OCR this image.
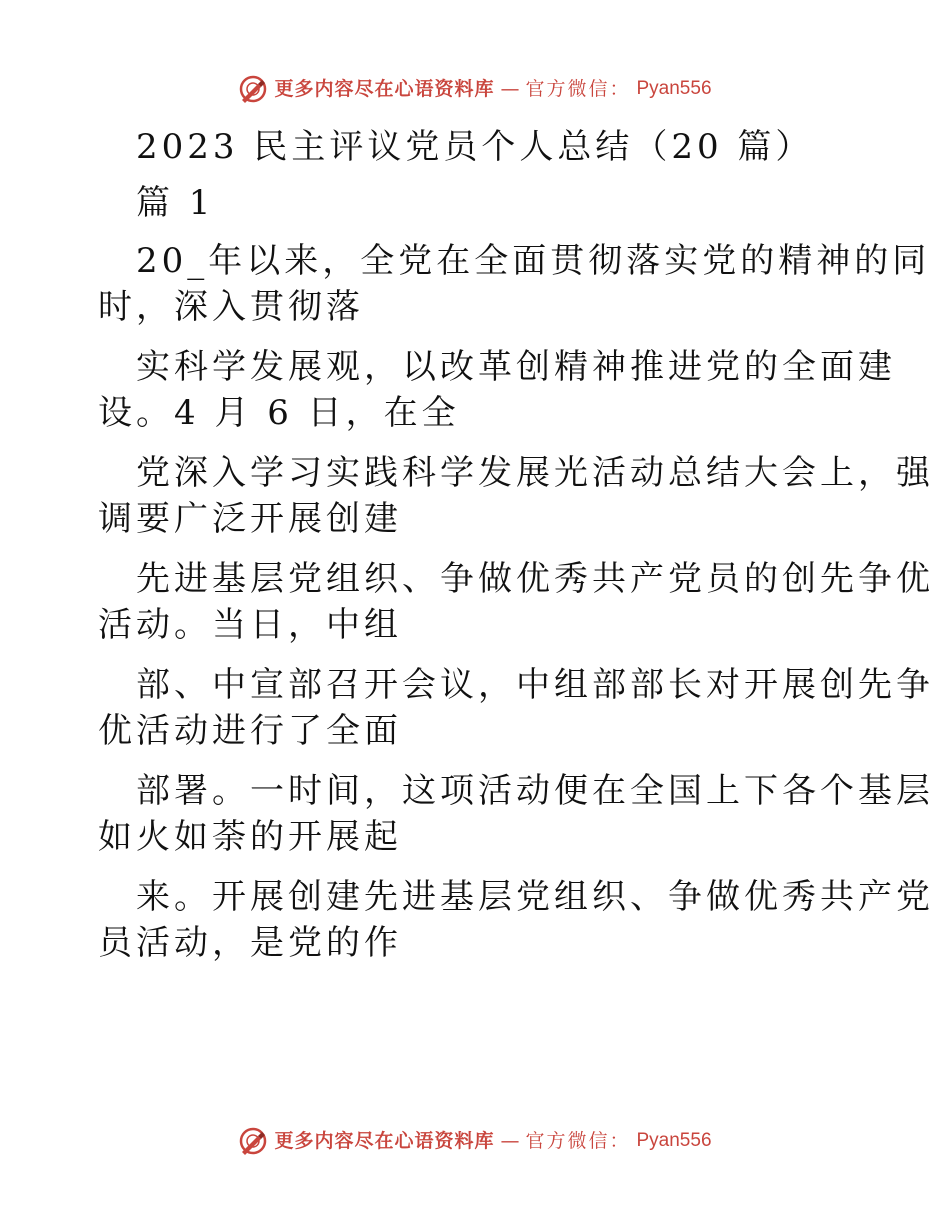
更多内容尽在心语资料库 — 官方微信： Pyan556
2023 民主评议党员个人总结（20 篇）
篇 1
20_年以来，全党在全面贯彻落实党的精神的同
时，深入贯彻落
实科学发展观，以改革创精神推进党的全面建
设。4 月 6 日，在全
党深入学习实践科学发展光活动总结大会上，强
调要广泛开展创建
先进基层党组织、争做优秀共产党员的创先争优
活动。当日，中组
部、中宣部召开会议，中组部部长对开展创先争
优活动进行了全面
部署。一时间，这项活动便在全国上下各个基层
如火如荼的开展起
来。开展创建先进基层党组织、争做优秀共产党
员活动，是党的作
更多内容尽在心语资料库 — 官方微信： Pyan556
